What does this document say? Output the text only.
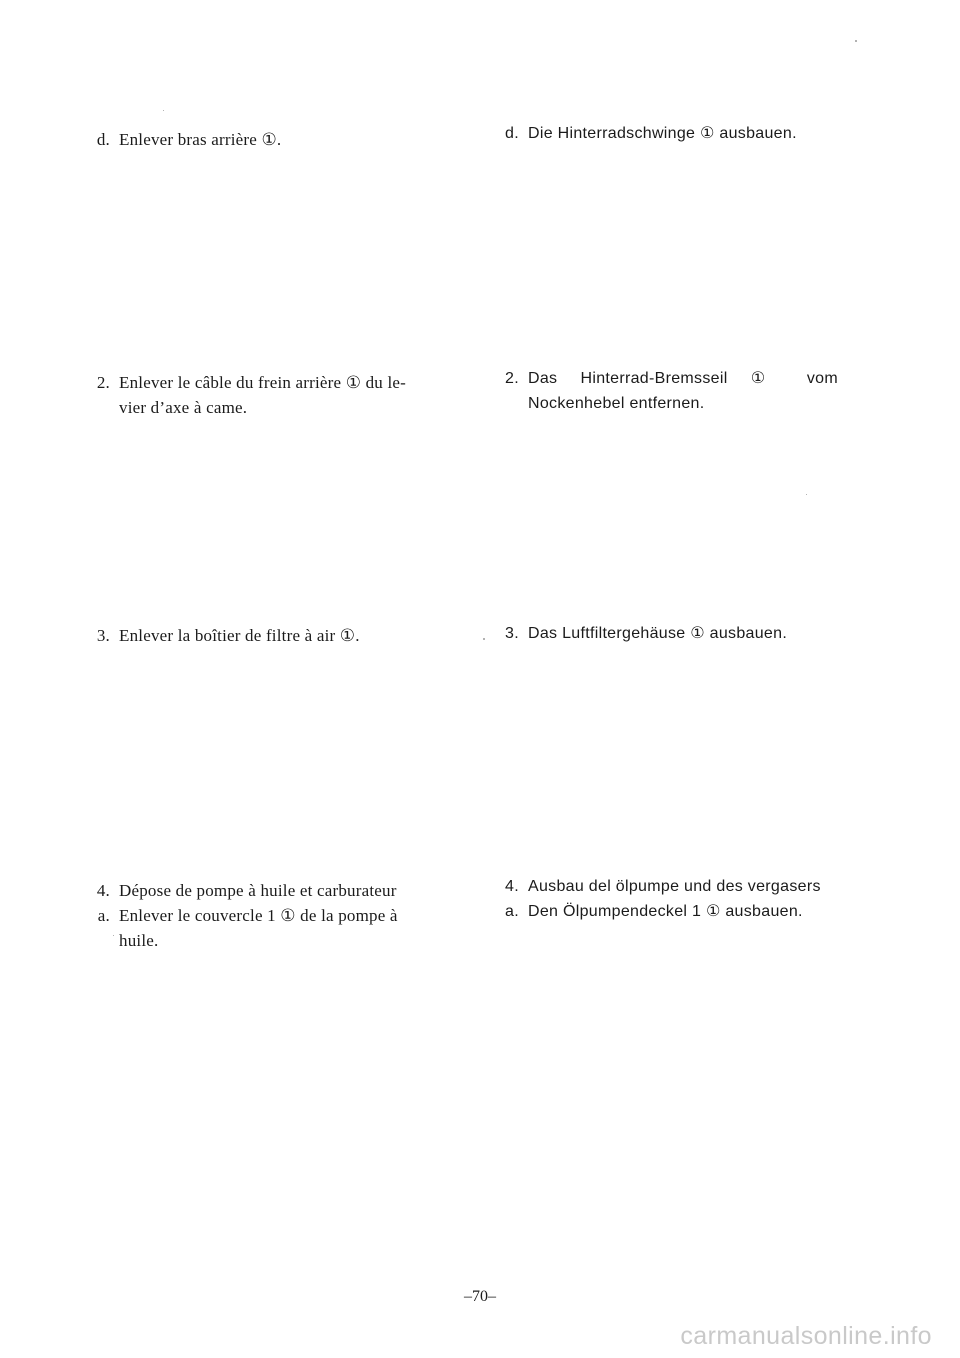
d. Enlever bras arrière ①.
2. Enlever le câble du frein arrière ① du le-
vier d’axe à came.
3. Enlever la boîtier de filtre à air ①.
4. Dépose de pompe à huile et carburateur
a. Enlever le couvercle 1 ① de la pompe à
huile.
d. Die Hinterradschwinge ① ausbauen.
2. Das Hinterrad-Bremsseil ① vom
Nockenhebel entfernen.
3. Das Luftfiltergehäuse ① ausbauen.
4. Ausbau del ölpumpe und des vergasers
a. Den Ölpumpendeckel 1 ① ausbauen.
–70–
carmanualsonline.info
